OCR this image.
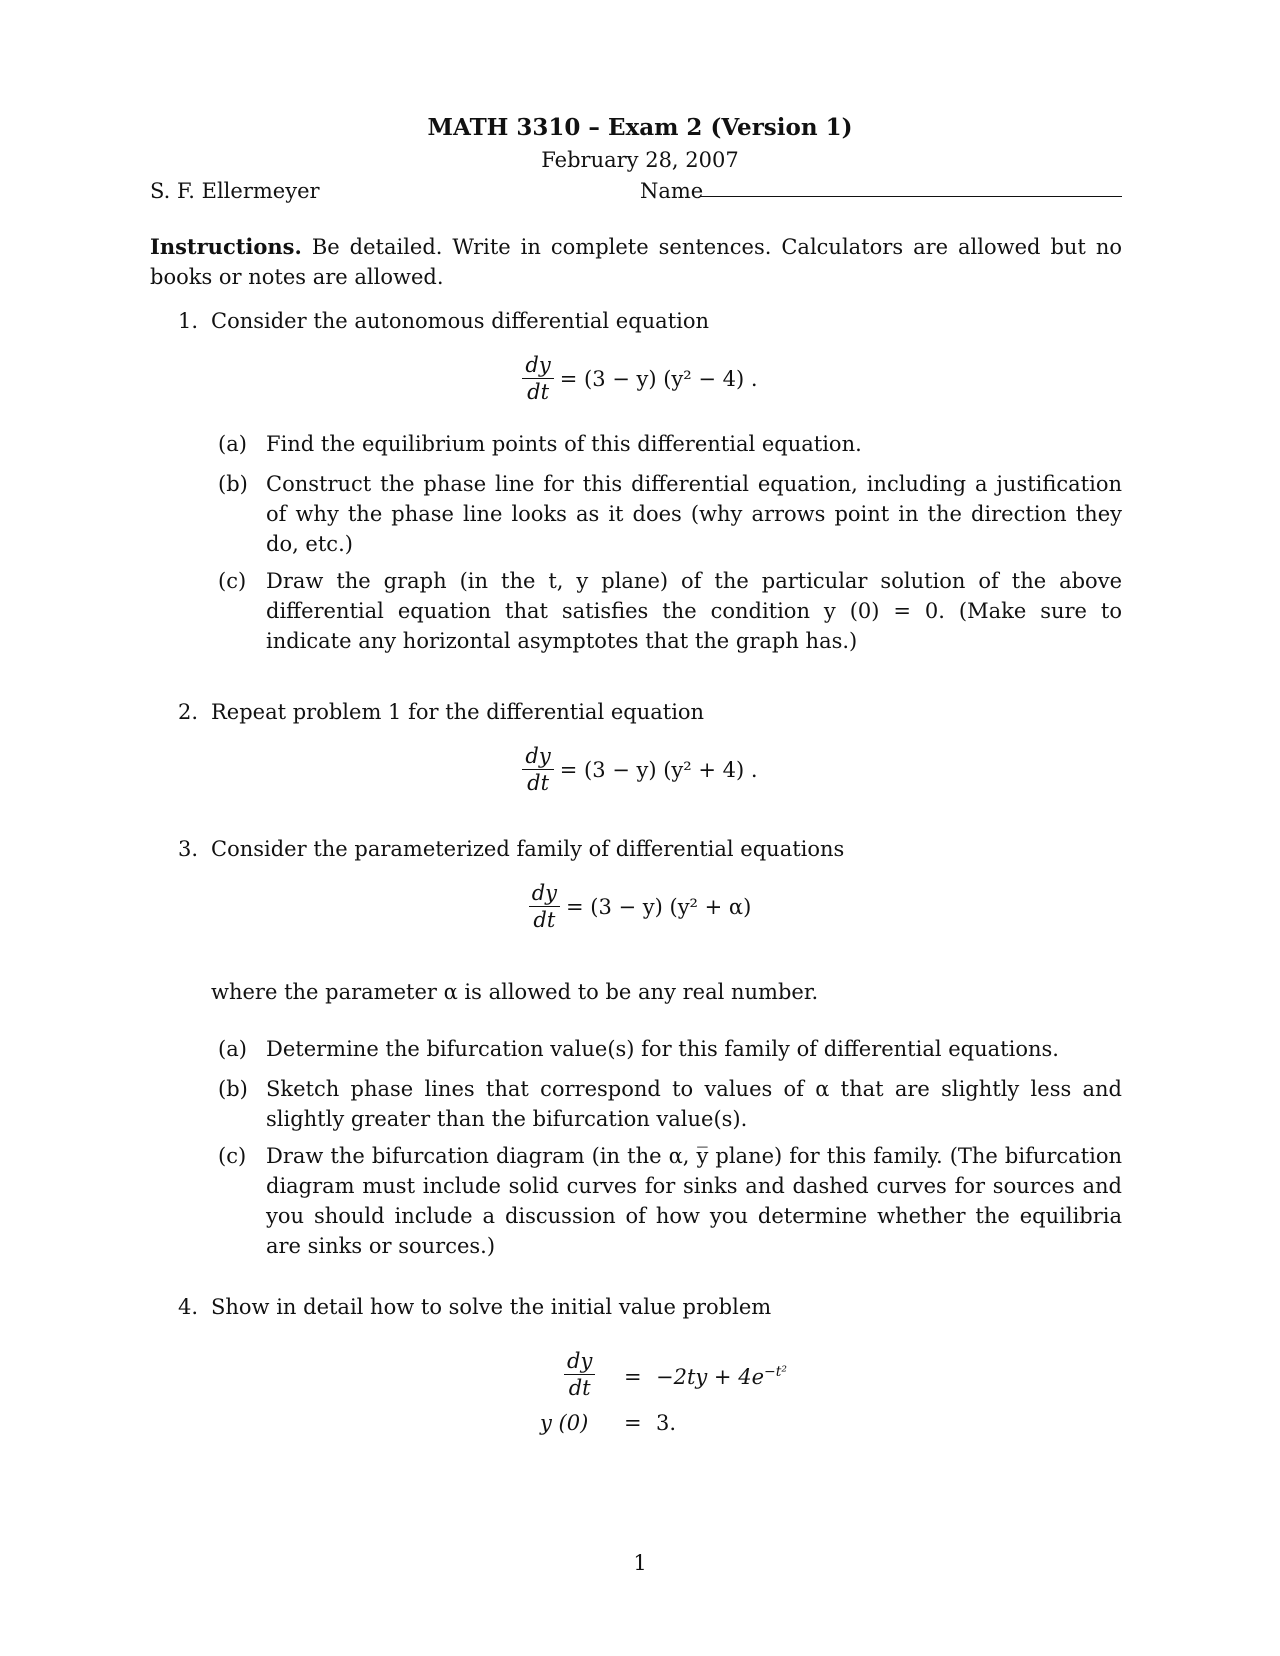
MATH 3310 – Exam 2 (Version 1)
February 28, 2007
S. F. Ellermeyer	Name
Instructions. Be detailed. Write in complete sentences. Calculators are allowed but no books or notes are allowed.
1. Consider the autonomous differential equation
$\frac{dy}{dt} = (3 - y) (y^2 - 4)$ .
(a) Find the equilibrium points of this differential equation.
(b) Construct the phase line for this differential equation, including a justification of why the phase line looks as it does (why arrows point in the direction they do, etc.)
(c) Draw the graph (in the t, y plane) of the particular solution of the above differential equation that satisfies the condition y (0) = 0. (Make sure to indicate any horizontal asymptotes that the graph has.)
2. Repeat problem 1 for the differential equation
$\frac{dy}{dt} = (3 - y) (y^2 + 4)$ .
3. Consider the parameterized family of differential equations
$\frac{dy}{dt} = (3 - y) (y^2 + \alpha)$
where the parameter α is allowed to be any real number.
(a) Determine the bifurcation value(s) for this family of differential equations.
(b) Sketch phase lines that correspond to values of α that are slightly less and slightly greater than the bifurcation value(s).
(c) Draw the bifurcation diagram (in the α, y̅ plane) for this family. (The bifurcation diagram must include solid curves for sinks and dashed curves for sources and you should include a discussion of how you determine whether the equilibria are sinks or sources.)
4. Show in detail how to solve the initial value problem
$\frac{dy}{dt} = -2ty + 4e^{-t^2}$
y (0) = 3.
1
